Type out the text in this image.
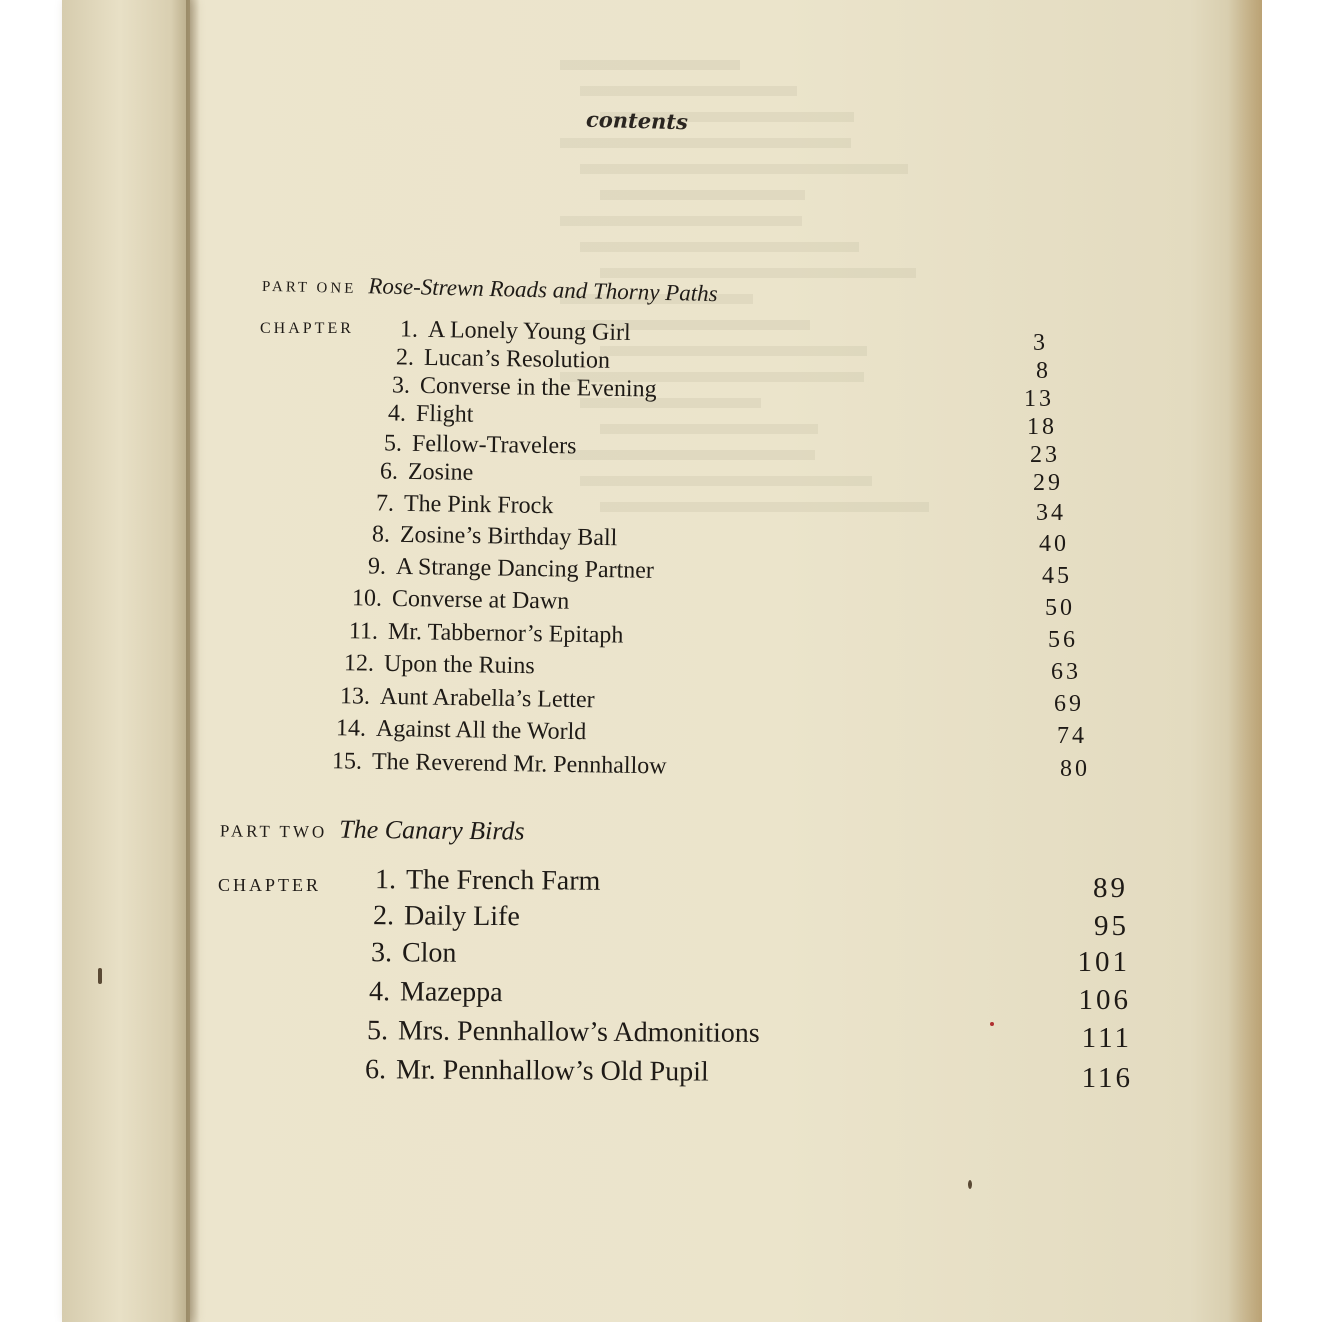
contents
PART ONE Rose-Strewn Roads and Thorny Paths
CHAPTER
PART TWO The Canary Birds
CHAPTER
1. A Lonely Young Girl	3
2. Lucan’s Resolution	8
3. Converse in the Evening	13
4. Flight	18
5. Fellow-Travelers	23
6. Zosine	29
7. The Pink Frock	34
8. Zosine’s Birthday Ball	40
9. A Strange Dancing Partner	45
10. Converse at Dawn	50
11. Mr. Tabbernor’s Epitaph	56
12. Upon the Ruins	63
13. Aunt Arabella’s Letter	69
14. Against All the World	74
15. The Reverend Mr. Pennhallow	80
1. The French Farm	89
2. Daily Life	95
3. Clon	101
4. Mazeppa	106
5. Mrs. Pennhallow’s Admonitions	111
6. Mr. Pennhallow’s Old Pupil	116
